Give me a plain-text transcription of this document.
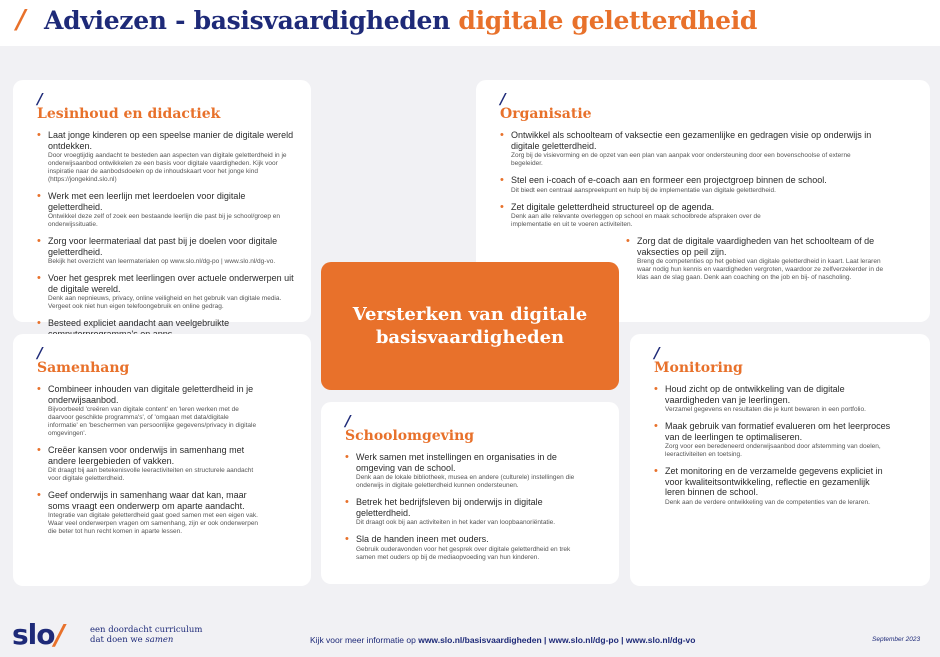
/ Adviezen - basisvaardigheden digitale geletterdheid
/
Lesinhoud en didactiek
• Laat jonge kinderen op een speelse manier de digitale wereld ontdekken.
Door vroegtijdig aandacht te besteden aan aspecten van digitale geletterdheid in je onderwijsaanbod ontwikkelen ze een basis voor digitale vaardigheden. Kijk voor inspiratie naar de aanbodsdoelen op de inhoudskaart voor het jonge kind (https://jongekind.slo.nl)
• Werk met een leerlijn met leerdoelen voor digitale geletterdheid.
Ontwikkel deze zelf of zoek een bestaande leerlijn die past bij je school/groep en onderwijssituatie.
• Zorg voor leermateriaal dat past bij je doelen voor digitale geletterdheid.
Bekijk het overzicht van leermaterialen op www.slo.nl/dg-po | www.slo.nl/dg-vo.
• Voer het gesprek met leerlingen over actuele onderwerpen uit de digitale wereld.
Denk aan nepnieuws, privacy, online veiligheid en het gebruik van digitale media. Vergeet ook niet hun eigen telefoongebruik en online gedrag.
• Besteed expliciet aandacht aan veelgebruikte
/
Organisatie
• Ontwikkel als schoolteam of vaksectie een gezamenlijke en gedragen visie op onderwijs in digitale geletterdheid.
Zorg bij de visievorming en de opzet van een plan van aanpak voor ondersteuning door een bovenschoolse of externe begeleider.
• Stel een i-coach of e-coach aan en formeer een projectgroep binnen de school.
Dit biedt een centraal aanspreekpunt en hulp bij de implementatie van digitale geletterdheid.
• Zet digitale geletterdheid structureel op de agenda.
Denk aan alle relevante overleggen op school en maak schoolbrede afspraken over de implementatie en uit te voeren activiteiten.
• Zorg dat de digitale vaardigheden van het schoolteam of de vaksecties op peil zijn.
Breng de competenties op het gebied van digitale geletterdheid in kaart. Laat leraren waar nodig hun kennis en vaardigheden vergroten, waardoor ze zelfverzekerder in de klas aan de slag gaan. Denk aan coaching on the job en bij- of nascholing.
Versterken van digitale basisvaardigheden
/
Samenhang
• Combineer inhouden van digitale geletterdheid in je onderwijsaanbod.
Bijvoorbeeld 'creëren van digitale content' en 'leren werken met de daarvoor geschikte programma's', of 'omgaan met data/digitale informatie' en 'beschermen van persoonlijke gegevens/privacy in digitale omgevingen'.
• Creëer kansen voor onderwijs in samenhang met andere leergebieden of vakken.
Dit draagt bij aan betekenisvolle leeractiviteiten en structurele aandacht voor digitale geletterdheid.
• Geef onderwijs in samenhang waar dat kan, maar soms vraagt een onderwerp om aparte aandacht.
Integratie van digitale geletterdheid gaat goed samen met een eigen vak. Waar veel onderwerpen vragen om samenhang, zijn er ook onderwerpen die beter tot hun recht komen in aparte lessen.
/
Schoolomgeving
• Werk samen met instellingen en organisaties in de omgeving van de school.
Denk aan de lokale bibliotheek, musea en andere (culturele) instellingen die onderwijs in digitale geletterdheid kunnen ondersteunen.
• Betrek het bedrijfsleven bij onderwijs in digitale geletterdheid.
Dit draagt ook bij aan activiteiten in het kader van loopbaanoriëntatie.
• Sla de handen ineen met ouders.
Gebruik ouderavonden voor het gesprek over digitale geletterdheid en trek samen met ouders op bij de mediaopvoeding van hun kinderen.
/
Monitoring
• Houd zicht op de ontwikkeling van de digitale vaardigheden van je leerlingen.
Verzamel gegevens en resultaten die je kunt bewaren in een portfolio.
• Maak gebruik van formatief evalueren om het leerproces van de leerlingen te optimaliseren.
Zorg voor een beredeneerd onderwijsaanbod door afstemming van doelen, leeractiviteiten en toetsing.
• Zet monitoring en de verzamelde gegevens expliciet in voor kwaliteitsontwikkeling, reflectie en gezamenlijk leren binnen de school.
Denk aan de verdere ontwikkeling van de competenties van de leraren.
slo/	een doordacht curriculum
dat doen we samen	Kijk voor meer informatie op www.slo.nl/basisvaardigheden | www.slo.nl/dg-po | www.slo.nl/dg-vo	September 2023
